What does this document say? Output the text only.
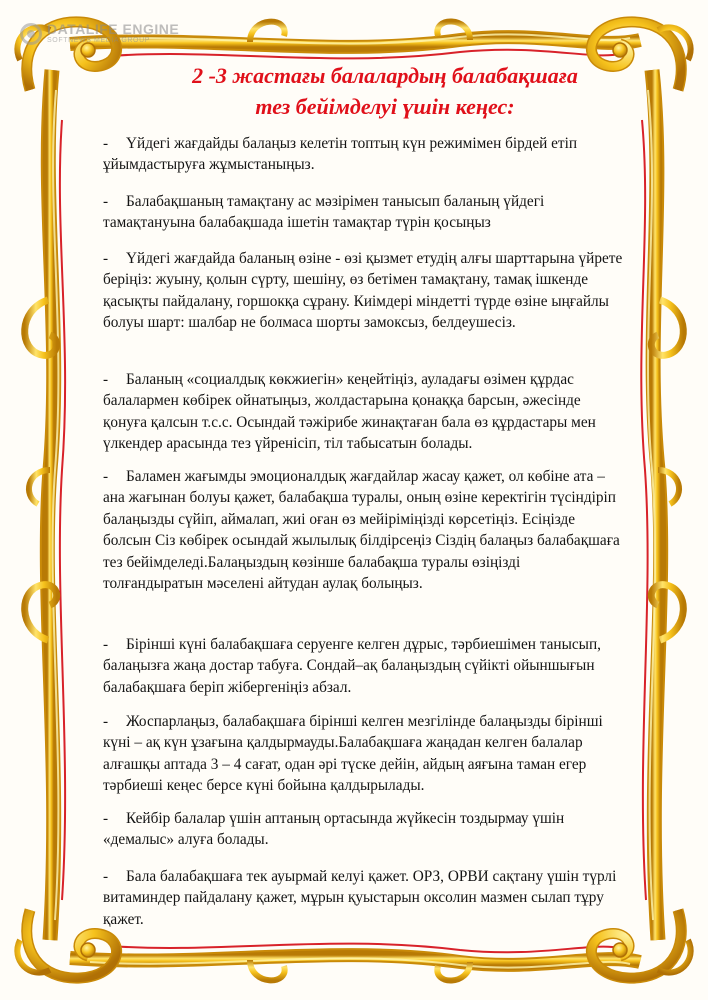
DATALIFE ENGINE
SOFTNEWS MEDIA GROUP
2 -3 жастағы балалардың балабақшаға
тез бейімделуі үшін кеңес:

- Үйдегі жағдайды балаңыз келетін топтың күн режимімен бірдей етіп ұйымдастыруға жұмыстаныңыз.

- Балабақшаның тамақтану ас мәзірімен танысып баланың үйдегі тамақтануына балабақшада ішетін тамақтар түрін қосыңыз

- Үйдегі жағдайда баланың өзіне - өзі қызмет етудің алғы шарттарына үйрете беріңіз: жуыну, қолын сүрту, шешіну, өз бетімен тамақтану, тамақ ішкенде қасықты пайдалану, горшокқа сұрану. Киімдері міндетті түрде өзіне ыңғайлы болуы шарт: шалбар не болмаса шорты замоксыз, белдеушесіз.

- Баланың «социалдық көкжиегін» кеңейтіңіз, ауладағы өзімен құрдас балалармен көбірек ойнатыңыз, жолдастарына қонаққа барсын, әжесінде қонуға қалсын т.с.с. Осындай тәжірибе жинақтаған бала өз құрдастары мен үлкендер арасында тез үйренісіп, тіл табысатын болады.

- Баламен жағымды эмоционалдық жағдайлар жасау қажет, ол көбіне ата – ана жағынан болуы қажет, балабақша туралы, оның өзіне керектігін түсіндіріп балаңызды сүйіп, аймалап, жиі оған өз мейіріміңізді көрсетіңіз. Есіңізде болсын Сіз көбірек осындай жылылық білдірсеңіз Сіздің балаңыз балабақшаға тез бейімделеді.Балаңыздың көзінше балабақша туралы өзіңізді толғандыратын мәселені айтудан аулақ болыңыз.

- Бірінші күні балабақшаға серуенге келген дұрыс, тәрбиешімен танысып, балаңызға жаңа достар табуға. Сондай–ақ балаңыздың сүйікті ойыншығын балабақшаға беріп жібергеніңіз абзал.

- Жоспарлаңыз, балабақшаға бірінші келген мезгілінде балаңызды бірінші күні – ақ күн ұзағына қалдырмауды.Балабақшаға жаңадан келген балалар алғашқы аптада 3 – 4 сағат, одан әрі түске дейін, айдың аяғына таман егер тәрбиеші кеңес берсе күні бойына қалдырылады.

- Кейбір балалар үшін аптаның ортасында жүйкесін тоздырмау үшін «демалыс» алуға болады.

- Бала балабақшаға тек ауырмай келуі қажет. ОРЗ, ОРВИ сақтану үшін түрлі витаминдер пайдалану қажет, мұрын қуыстарын оксолин мазмен сылап тұру қажет.
